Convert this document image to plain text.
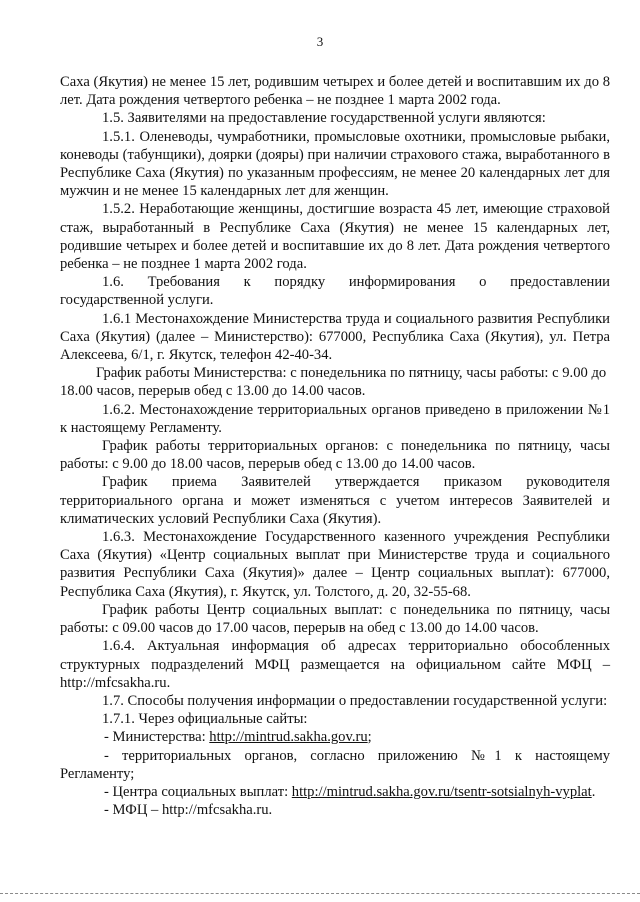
3

Саха (Якутия) не менее 15 лет, родившим четырех и более детей и воспитавшим их до 8 лет. Дата рождения четвертого ребенка – не позднее 1 марта 2002 года.

1.5. Заявителями на предоставление государственной услуги являются:

1.5.1. Оленеводы, чумработники, промысловые охотники, промысловые рыбаки, коневоды (табунщики), доярки (дояры) при наличии страхового стажа, выработанного в Республике Саха (Якутия) по указанным профессиям, не менее 20 календарных лет для мужчин и не менее 15 календарных лет для женщин.

1.5.2. Неработающие женщины, достигшие возраста 45 лет, имеющие страховой стаж, выработанный в Республике Саха (Якутия) не менее 15 календарных лет, родившие четырех и более детей и воспитавшие их до 8 лет. Дата рождения четвертого ребенка – не позднее 1 марта 2002 года.

1.6. Требования к порядку информирования о предоставлении

государственной услуги.

1.6.1 Местонахождение Министерства труда и социального развития Республики Саха (Якутия) (далее – Министерство): 677000, Республика Саха (Якутия), ул. Петра Алексеева, 6/1, г. Якутск, телефон 42-40-34.

График работы Министерства: с понедельника по пятницу, часы работы: с 9.00 до 18.00 часов, перерыв обед с 13.00 до 14.00 часов.

1.6.2. Местонахождение территориальных органов приведено в приложении №1 к настоящему Регламенту.

График работы территориальных органов: с понедельника по пятницу, часы работы: с 9.00 до 18.00 часов, перерыв обед с 13.00 до 14.00 часов.

График приема Заявителей утверждается приказом руководителя территориального органа и может изменяться с учетом интересов Заявителей и климатических условий Республики Саха (Якутия).

1.6.3. Местонахождение Государственного казенного учреждения Республики Саха (Якутия) «Центр социальных выплат при Министерстве труда и социального развития Республики Саха (Якутия)» далее – Центр социальных выплат): 677000, Республика Саха (Якутия), г. Якутск, ул. Толстого, д. 20, 32-55-68.

График работы Центр социальных выплат: с понедельника по пятницу, часы работы: с 09.00 часов до 17.00 часов, перерыв на обед с 13.00 до 14.00 часов.

1.6.4. Актуальная информация об адресах территориально обособленных структурных подразделений МФЦ размещается на официальном сайте МФЦ – http://mfcsakha.ru.

1.7. Способы получения информации о предоставлении государственной услуги:

1.7.1. Через официальные сайты:

- Министерства: http://mintrud.sakha.gov.ru;

- территориальных органов, согласно приложению №1 к настоящему Регламенту;

- Центра социальных выплат: http://mintrud.sakha.gov.ru/tsentr-sotsialnyh-vyplat.

- МФЦ – http://mfcsakha.ru.
